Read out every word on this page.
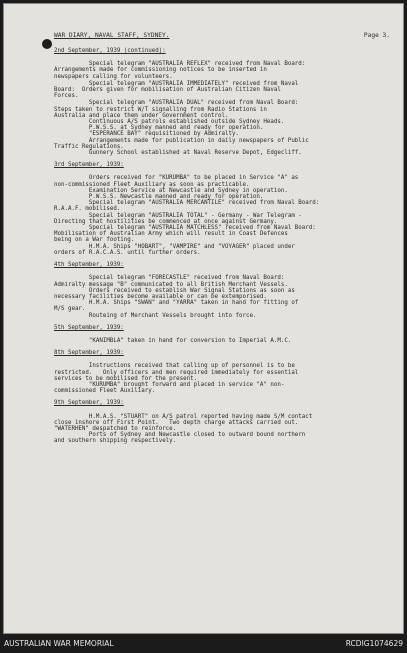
WAR DIARY, NAVAL STAFF, SYDNEY.	Page 3.
2nd September, 1939 (continued):
Special telegram "AUSTRALIA REFLEX" received from Naval Board:
Arrangements made for commissioning notices to be inserted in
newspapers calling for volunteers.
Special telegram "AUSTRALIA IMMEDIATELY" received from Naval
Board:  Orders given for mobilisation of Australian Citizen Naval
Forces.
Special telegram "AUSTRALIA DUAL" received from Naval Board:
Steps taken to restrict W/T signalling from Radio Stations in
Australia and place them under Government control.
Continuous A/S patrols established outside Sydney Heads.
P.W.S.S. at Sydney manned and ready for operation.
"ESPERANCE BAY" requisitioned by Admiralty.
Arrangements made for publication in daily newspapers of Public
Traffic Regulations.
Gunnery School established at Naval Reserve Depot, Edgecliff.
3rd September, 1939:
Orders received for "KURUMBA" to be placed in Service "A" as
non-commissioned Fleet Auxiliary as soon as practicable.
Examination Service at Newcastle and Sydney in operation.
P.W.S.S. Newcastle manned and ready for operation.
Special telegram "AUSTRALIA MERCANTILE" received from Naval Board:
R.A.A.F. mobilised.
Special telegram "AUSTRALIA TOTAL" - Germany - War Telegram -
Directing that hostilities be commenced at once against Germany.
Special telegram "AUSTRALIA MATCHLESS" received from Naval Board:
Mobilisation of Australian Army which will result in Coast Defences
being on a War footing.
H.M.A. Ships "HOBART", "VAMPIRE" and "VOYAGER" placed under
orders of R.A.C.A.S. until further orders.
4th September, 1939:
Special telegram "FORECASTLE" received from Naval Board:
Admiralty message "B" communicated to all British Merchant Vessels.
Orders received to establish War Signal Stations as soon as
necessary facilities become available or can be extemporised.
H.M.A. Ships "SWAN" and "YARRA" taken in hand for fitting of
M/S gear.
Routeing of Merchant Vessels brought into force.
5th September, 1939:
"KANIMBLA" taken in hand for conversion to Imperial A.M.C.
8th September, 1939:
Instructions received that calling up of personnel is to be
restricted.   Only officers and men required immediately for essential
services to be mobilised for the present.
"KURUMBA" brought forward and placed in service "A" non-
commissioned Fleet Auxiliary.
9th September, 1939:
H.M.A.S. "STUART" on A/S patrol reported having made S/M contact
close inshore off First Point.   Two depth charge attacks carried out.
"WATERHEN" despatched to reinforce.
Ports of Sydney and Newcastle closed to outward bound northern
and southern shipping respectively.
AUSTRALIAN WAR MEMORIAL	RCDIG1074629
